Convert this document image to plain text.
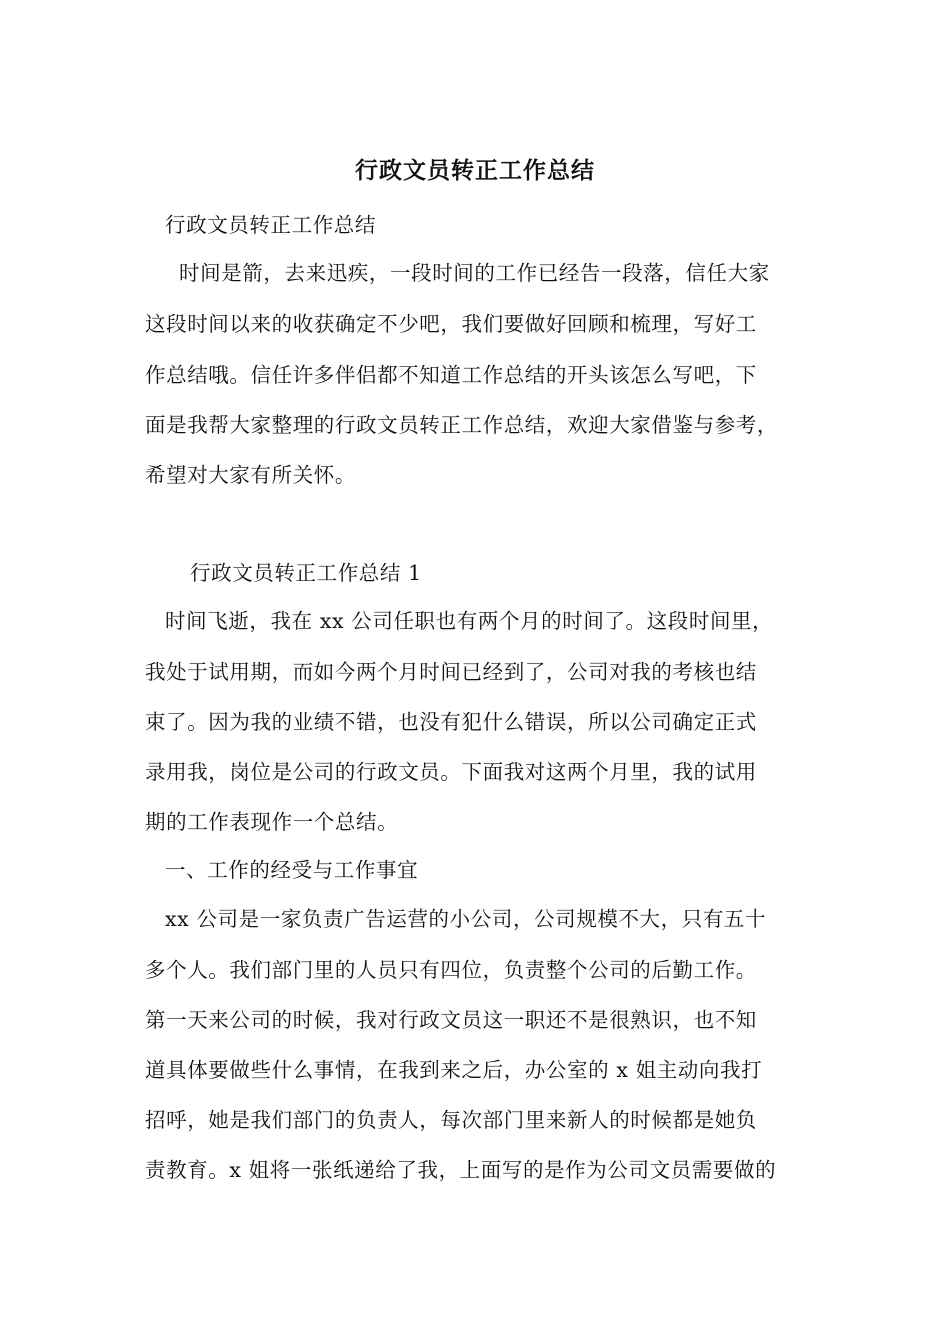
行政文员转正工作总结
行政文员转正工作总结
时间是箭，去来迅疾，一段时间的工作已经告一段落，信任大家
这段时间以来的收获确定不少吧，我们要做好回顾和梳理，写好工
作总结哦。信任许多伴侣都不知道工作总结的开头该怎么写吧，下
面是我帮大家整理的行政文员转正工作总结，欢迎大家借鉴与参考，
希望对大家有所关怀。
行政文员转正工作总结 1
时间飞逝，我在 xx 公司任职也有两个月的时间了。这段时间里，
我处于试用期，而如今两个月时间已经到了，公司对我的考核也结
束了。因为我的业绩不错，也没有犯什么错误，所以公司确定正式
录用我，岗位是公司的行政文员。下面我对这两个月里，我的试用
期的工作表现作一个总结。
一、工作的经受与工作事宜
xx 公司是一家负责广告运营的小公司，公司规模不大，只有五十
多个人。我们部门里的人员只有四位，负责整个公司的后勤工作。
第一天来公司的时候，我对行政文员这一职还不是很熟识，也不知
道具体要做些什么事情，在我到来之后，办公室的 x 姐主动向我打
招呼，她是我们部门的负责人，每次部门里来新人的时候都是她负
责教育。x 姐将一张纸递给了我，上面写的是作为公司文员需要做的
